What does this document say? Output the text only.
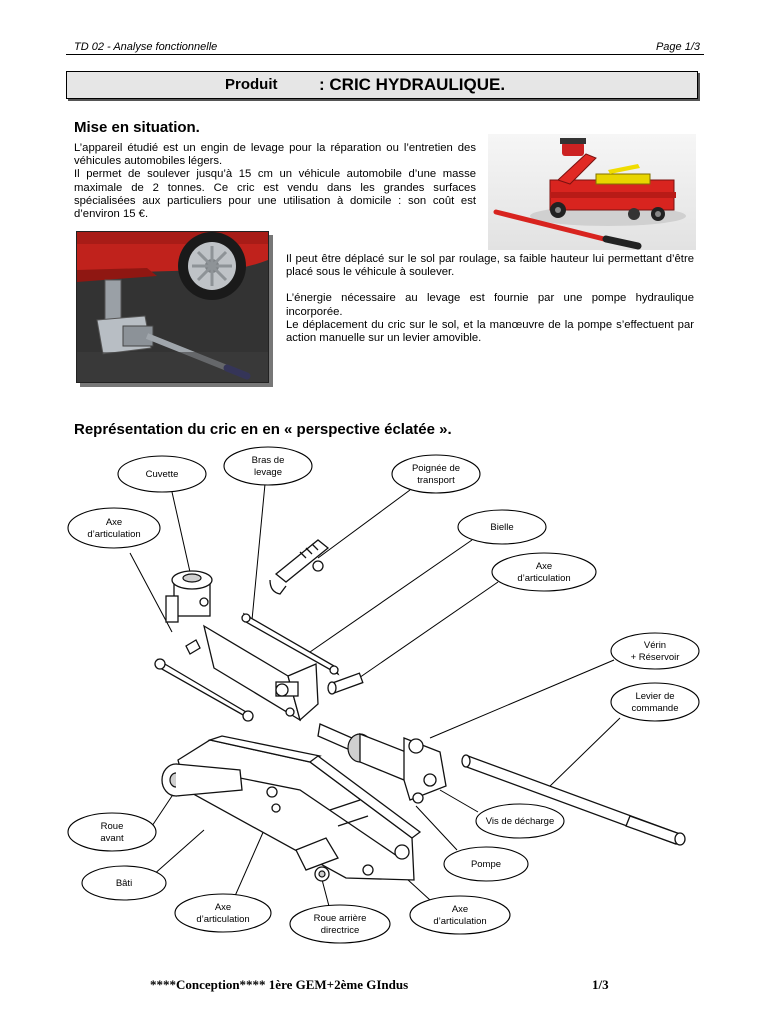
TD 02 - Analyse fonctionnelle	Page 1/3
Produit : CRIC HYDRAULIQUE.
Mise en situation.
L’appareil étudié est un engin de levage pour la réparation ou l’entretien des véhicules automobiles légers.
Il permet de soulever jusqu’à 15 cm un véhicule automobile d’une masse maximale de 2 tonnes. Ce cric est vendu dans les grandes surfaces spécialisées aux particuliers pour une utilisation à domicile : son coût est d’environ 15 €.
Il peut être déplacé sur le sol par roulage, sa faible hauteur lui permettant d’être placé sous le véhicule à soulever.
L’énergie nécessaire au levage est fournie par une pompe hydraulique incorporée.
Le déplacement du cric sur le sol, et la manœuvre de la pompe s’effectuent par action manuelle sur un levier amovible.
Représentation du cric en en « perspective éclatée ».
Cuvette
Bras de
levage	Poignée de
transport
Axe
d’articulation
Bielle
Axe
d’articulation
Vérin
+ Réservoir
Levier de
commande
Vis de décharge
Roue
avant
Bâti
Pompe
Axe
d’articulation	Roue arrière
directrice
Axe
d’articulation
****Conception**** 1ère GEM+2ème GIndus	1/3
